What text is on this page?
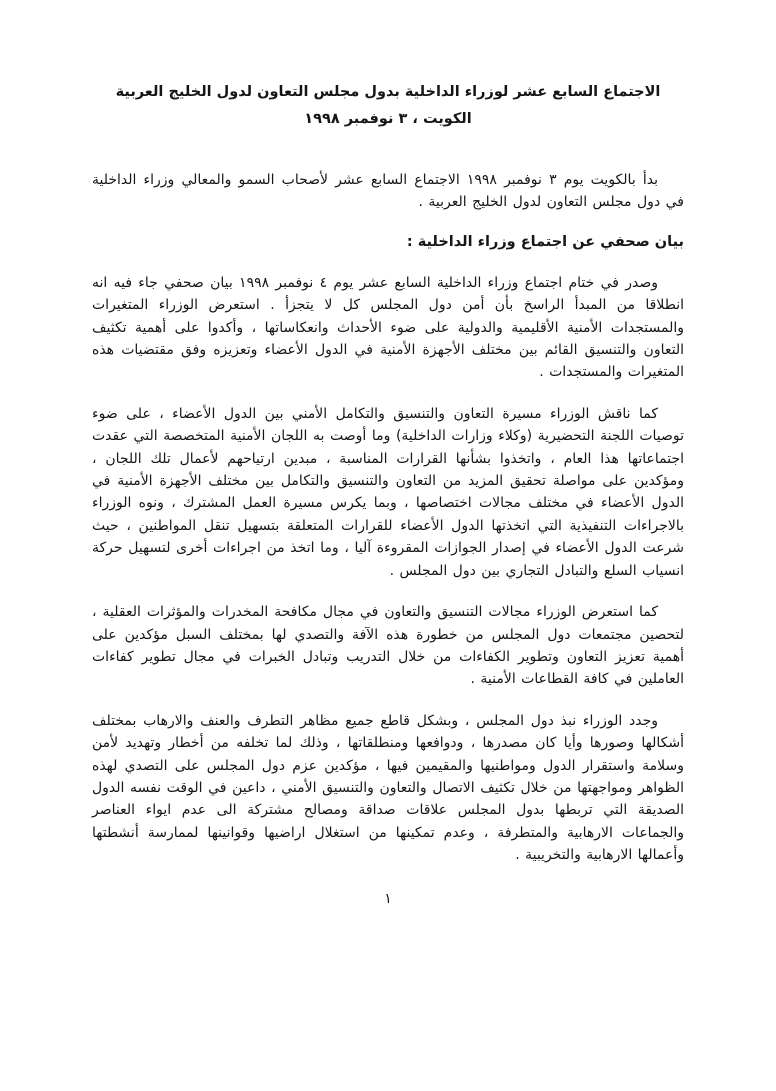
الاجتماع السابع عشر لوزراء الداخلية بدول مجلس التعاون لدول الخليج العربية
الكويت ، ٣ نوفمبر ١٩٩٨

بدأ بالكويت يوم ٣ نوفمبر ١٩٩٨ الاجتماع السابع عشر لأصحاب السمو والمعالي وزراء الداخلية في دول مجلس التعاون لدول الخليج العربية .

بيان صحفي عن اجتماع وزراء الداخلية :

وصدر في ختام اجتماع وزراء الداخلية السابع عشر يوم ٤ نوفمبر ١٩٩٨ بيان صحفي جاء فيه انه انطلاقا من المبدأ الراسخ بأن أمن دول المجلس كل لا يتجزأ . استعرض الوزراء المتغيرات والمستجدات الأمنية الأقليمية والدولية على ضوء الأحداث وانعكاساتها ، وأكدوا على أهمية تكثيف التعاون والتنسيق القائم بين مختلف الأجهزة الأمنية في الدول الأعضاء وتعزيزه وفق مقتضيات هذه المتغيرات والمستجدات .

كما ناقش الوزراء مسيرة التعاون والتنسيق والتكامل الأمني بين الدول الأعضاء ، على ضوء توصيات اللجنة التحضيرية (وكلاء وزارات الداخلية) وما أوصت به اللجان الأمنية المتخصصة التي عقدت اجتماعاتها هذا العام ، واتخذوا بشأنها القرارات المناسبة ، مبدين ارتياحهم لأعمال تلك اللجان ، ومؤكدين على مواصلة تحقيق المزيد من التعاون والتنسيق والتكامل بين مختلف الأجهزة الأمنية في الدول الأعضاء في مختلف مجالات اختصاصها ، وبما يكرس مسيرة العمل المشترك ، ونوه الوزراء بالاجراءات التنفيذية التي اتخذتها الدول الأعضاء للقرارات المتعلقة بتسهيل تنقل المواطنين ، حيث شرعت الدول الأعضاء في إصدار الجوازات المقروءة آليا ، وما اتخذ من اجراءات أخرى لتسهيل حركة انسياب السلع والتبادل التجاري بين دول المجلس .

كما استعرض الوزراء مجالات التنسيق والتعاون في مجال مكافحة المخدرات والمؤثرات العقلية ، لتحصين مجتمعات دول المجلس من خطورة هذه الآفة والتصدي لها بمختلف السبل مؤكدين على أهمية تعزيز التعاون وتطوير الكفاءات من خلال التدريب وتبادل الخبرات في مجال تطوير كفاءات العاملين في كافة القطاعات الأمنية .

وجدد الوزراء نبذ دول المجلس ، وبشكل قاطع جميع مظاهر التطرف والعنف والارهاب بمختلف أشكالها وصورها وأيا كان مصدرها ، ودوافعها ومنطلقاتها ، وذلك لما تخلفه من أخطار وتهديد لأمن وسلامة واستقرار الدول ومواطنيها والمقيمين فيها ، مؤكدين عزم دول المجلس على التصدي لهذه الظواهر ومواجهتها من خلال تكثيف الاتصال والتعاون والتنسيق الأمني ، داعين في الوقت نفسه الدول الصديقة التي تربطها بدول المجلس علاقات صداقة ومصالح مشتركة الى عدم ايواء العناصر والجماعات الارهابية والمتطرفة ، وعدم تمكينها من استغلال اراضيها وقوانينها لممارسة أنشطتها وأعمالها الارهابية والتخريبية .

١
